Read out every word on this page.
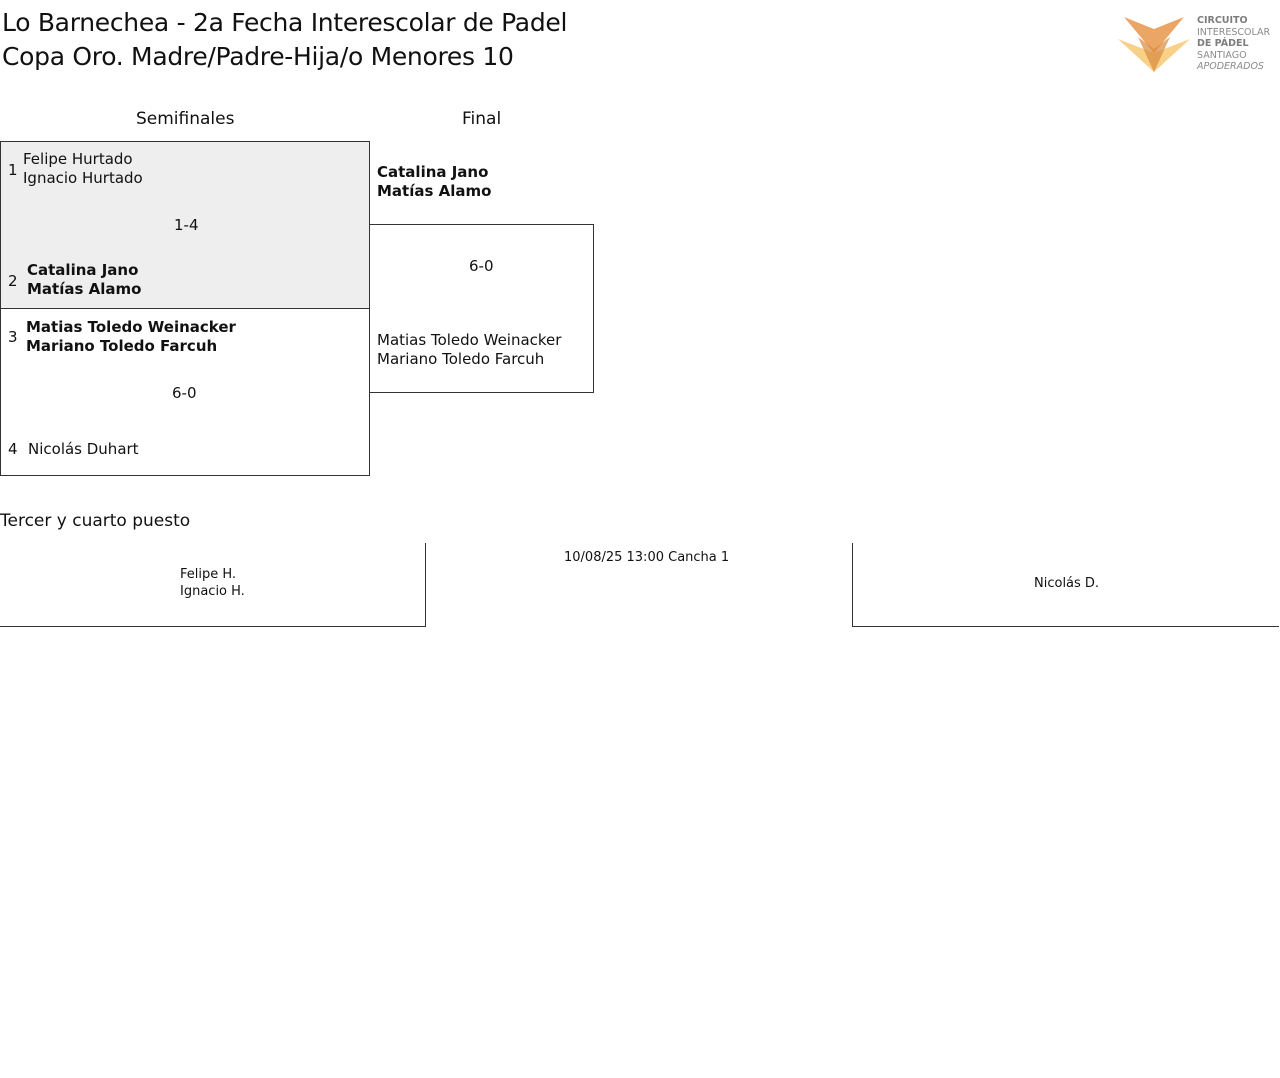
Lo Barnechea - 2a Fecha Interescolar de Padel
Copa Oro. Madre/Padre-Hija/o Menores 10
CIRCUITO
INTERESCOLAR
DE PÁDEL
SANTIAGO
APODERADOS
Semifinales	Final
1
Felipe Hurtado
Ignacio Hurtado
1-4
2
Catalina Jano
Matías Alamo
3
Matias Toledo Weinacker
Mariano Toledo Farcuh
6-0
4 Nicolás Duhart
Catalina Jano
Matías Alamo
6-0
Matias Toledo Weinacker
Mariano Toledo Farcuh
Tercer y cuarto puesto
Felipe H.
Ignacio H.
10/08/25 13:00 Cancha 1
Nicolás D.
